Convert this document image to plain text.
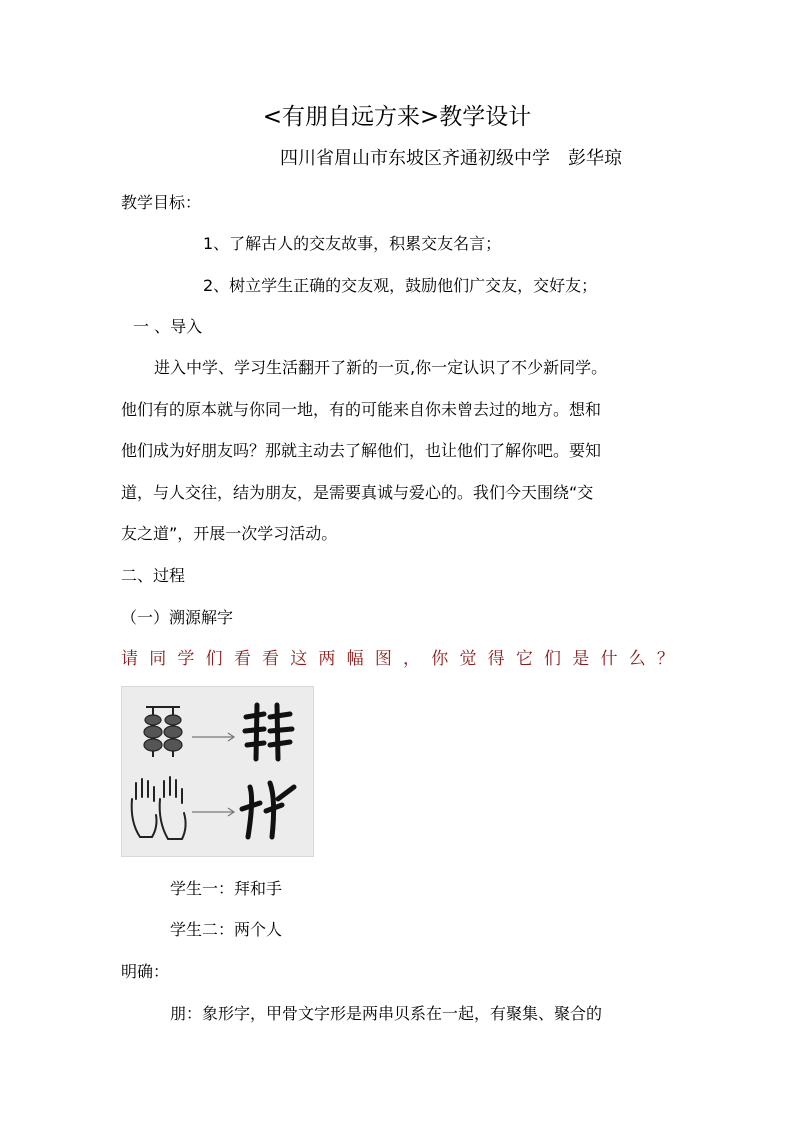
<有朋自远方来>教学设计
四川省眉山市东坡区齐通初级中学　彭华琼
教学目标：
1、了解古人的交友故事，积累交友名言；
2、树立学生正确的交友观，鼓励他们广交友，交好友；
一 、导入

进入中学、学习生活翻开了新的一页,你一定认识了不少新同学。

他们有的原本就与你同一地，有的可能来自你未曾去过的地方。想和

他们成为好朋友吗？那就主动去了解他们，也让他们了解你吧。要知

道，与人交往，结为朋友，是需要真诚与爱心的。我们今天围绕“交

友之道”，开展一次学习活动。

二、过程
（一）溯源解字
请 同 学 们 看 看 这 两 幅 图 ， 你 觉 得 它 们 是 什 么 ？
学生一：拜和手
学生二：两个人
明确：
朋：象形字，甲骨文字形是两串贝系在一起，有聚集、聚合的
